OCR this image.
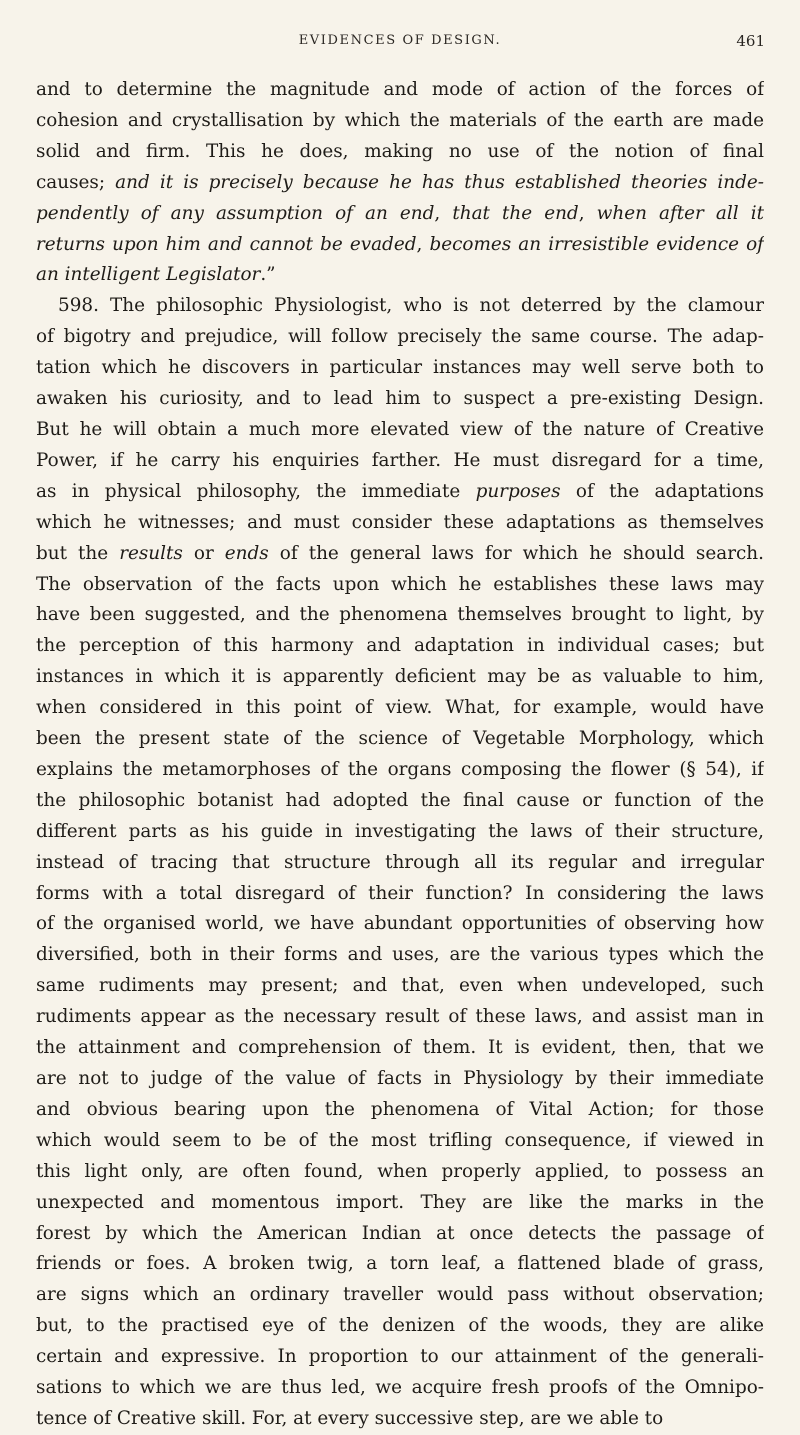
EVIDENCES OF DESIGN.	461
and to determine the magnitude and mode of action of the forces of
cohesion and crystallisation by which the materials of the earth are made
solid and firm. This he does, making no use of the notion of final
causes; and it is precisely because he has thus established theories inde-
pendently of any assumption of an end, that the end, when after all it
returns upon him and cannot be evaded, becomes an irresistible evidence of
an intelligent Legislator.”
598. The philosophic Physiologist, who is not deterred by the clamour
of bigotry and prejudice, will follow precisely the same course. The adap-
tation which he discovers in particular instances may well serve both to
awaken his curiosity, and to lead him to suspect a pre-existing Design.
But he will obtain a much more elevated view of the nature of Creative
Power, if he carry his enquiries farther. He must disregard for a time,
as in physical philosophy, the immediate purposes of the adaptations
which he witnesses; and must consider these adaptations as themselves
but the results or ends of the general laws for which he should search.
The observation of the facts upon which he establishes these laws may
have been suggested, and the phenomena themselves brought to light, by
the perception of this harmony and adaptation in individual cases; but
instances in which it is apparently deficient may be as valuable to him,
when considered in this point of view. What, for example, would have
been the present state of the science of Vegetable Morphology, which
explains the metamorphoses of the organs composing the flower (§ 54), if
the philosophic botanist had adopted the final cause or function of the
different parts as his guide in investigating the laws of their structure,
instead of tracing that structure through all its regular and irregular
forms with a total disregard of their function? In considering the laws
of the organised world, we have abundant opportunities of observing how
diversified, both in their forms and uses, are the various types which the
same rudiments may present; and that, even when undeveloped, such
rudiments appear as the necessary result of these laws, and assist man in
the attainment and comprehension of them. It is evident, then, that we
are not to judge of the value of facts in Physiology by their immediate
and obvious bearing upon the phenomena of Vital Action; for those
which would seem to be of the most trifling consequence, if viewed in
this light only, are often found, when properly applied, to possess an
unexpected and momentous import. They are like the marks in the
forest by which the American Indian at once detects the passage of
friends or foes. A broken twig, a torn leaf, a flattened blade of grass,
are signs which an ordinary traveller would pass without observation;
but, to the practised eye of the denizen of the woods, they are alike
certain and expressive. In proportion to our attainment of the generali-
sations to which we are thus led, we acquire fresh proofs of the Omnipo-
tence of Creative skill. For, at every successive step, are we able to
